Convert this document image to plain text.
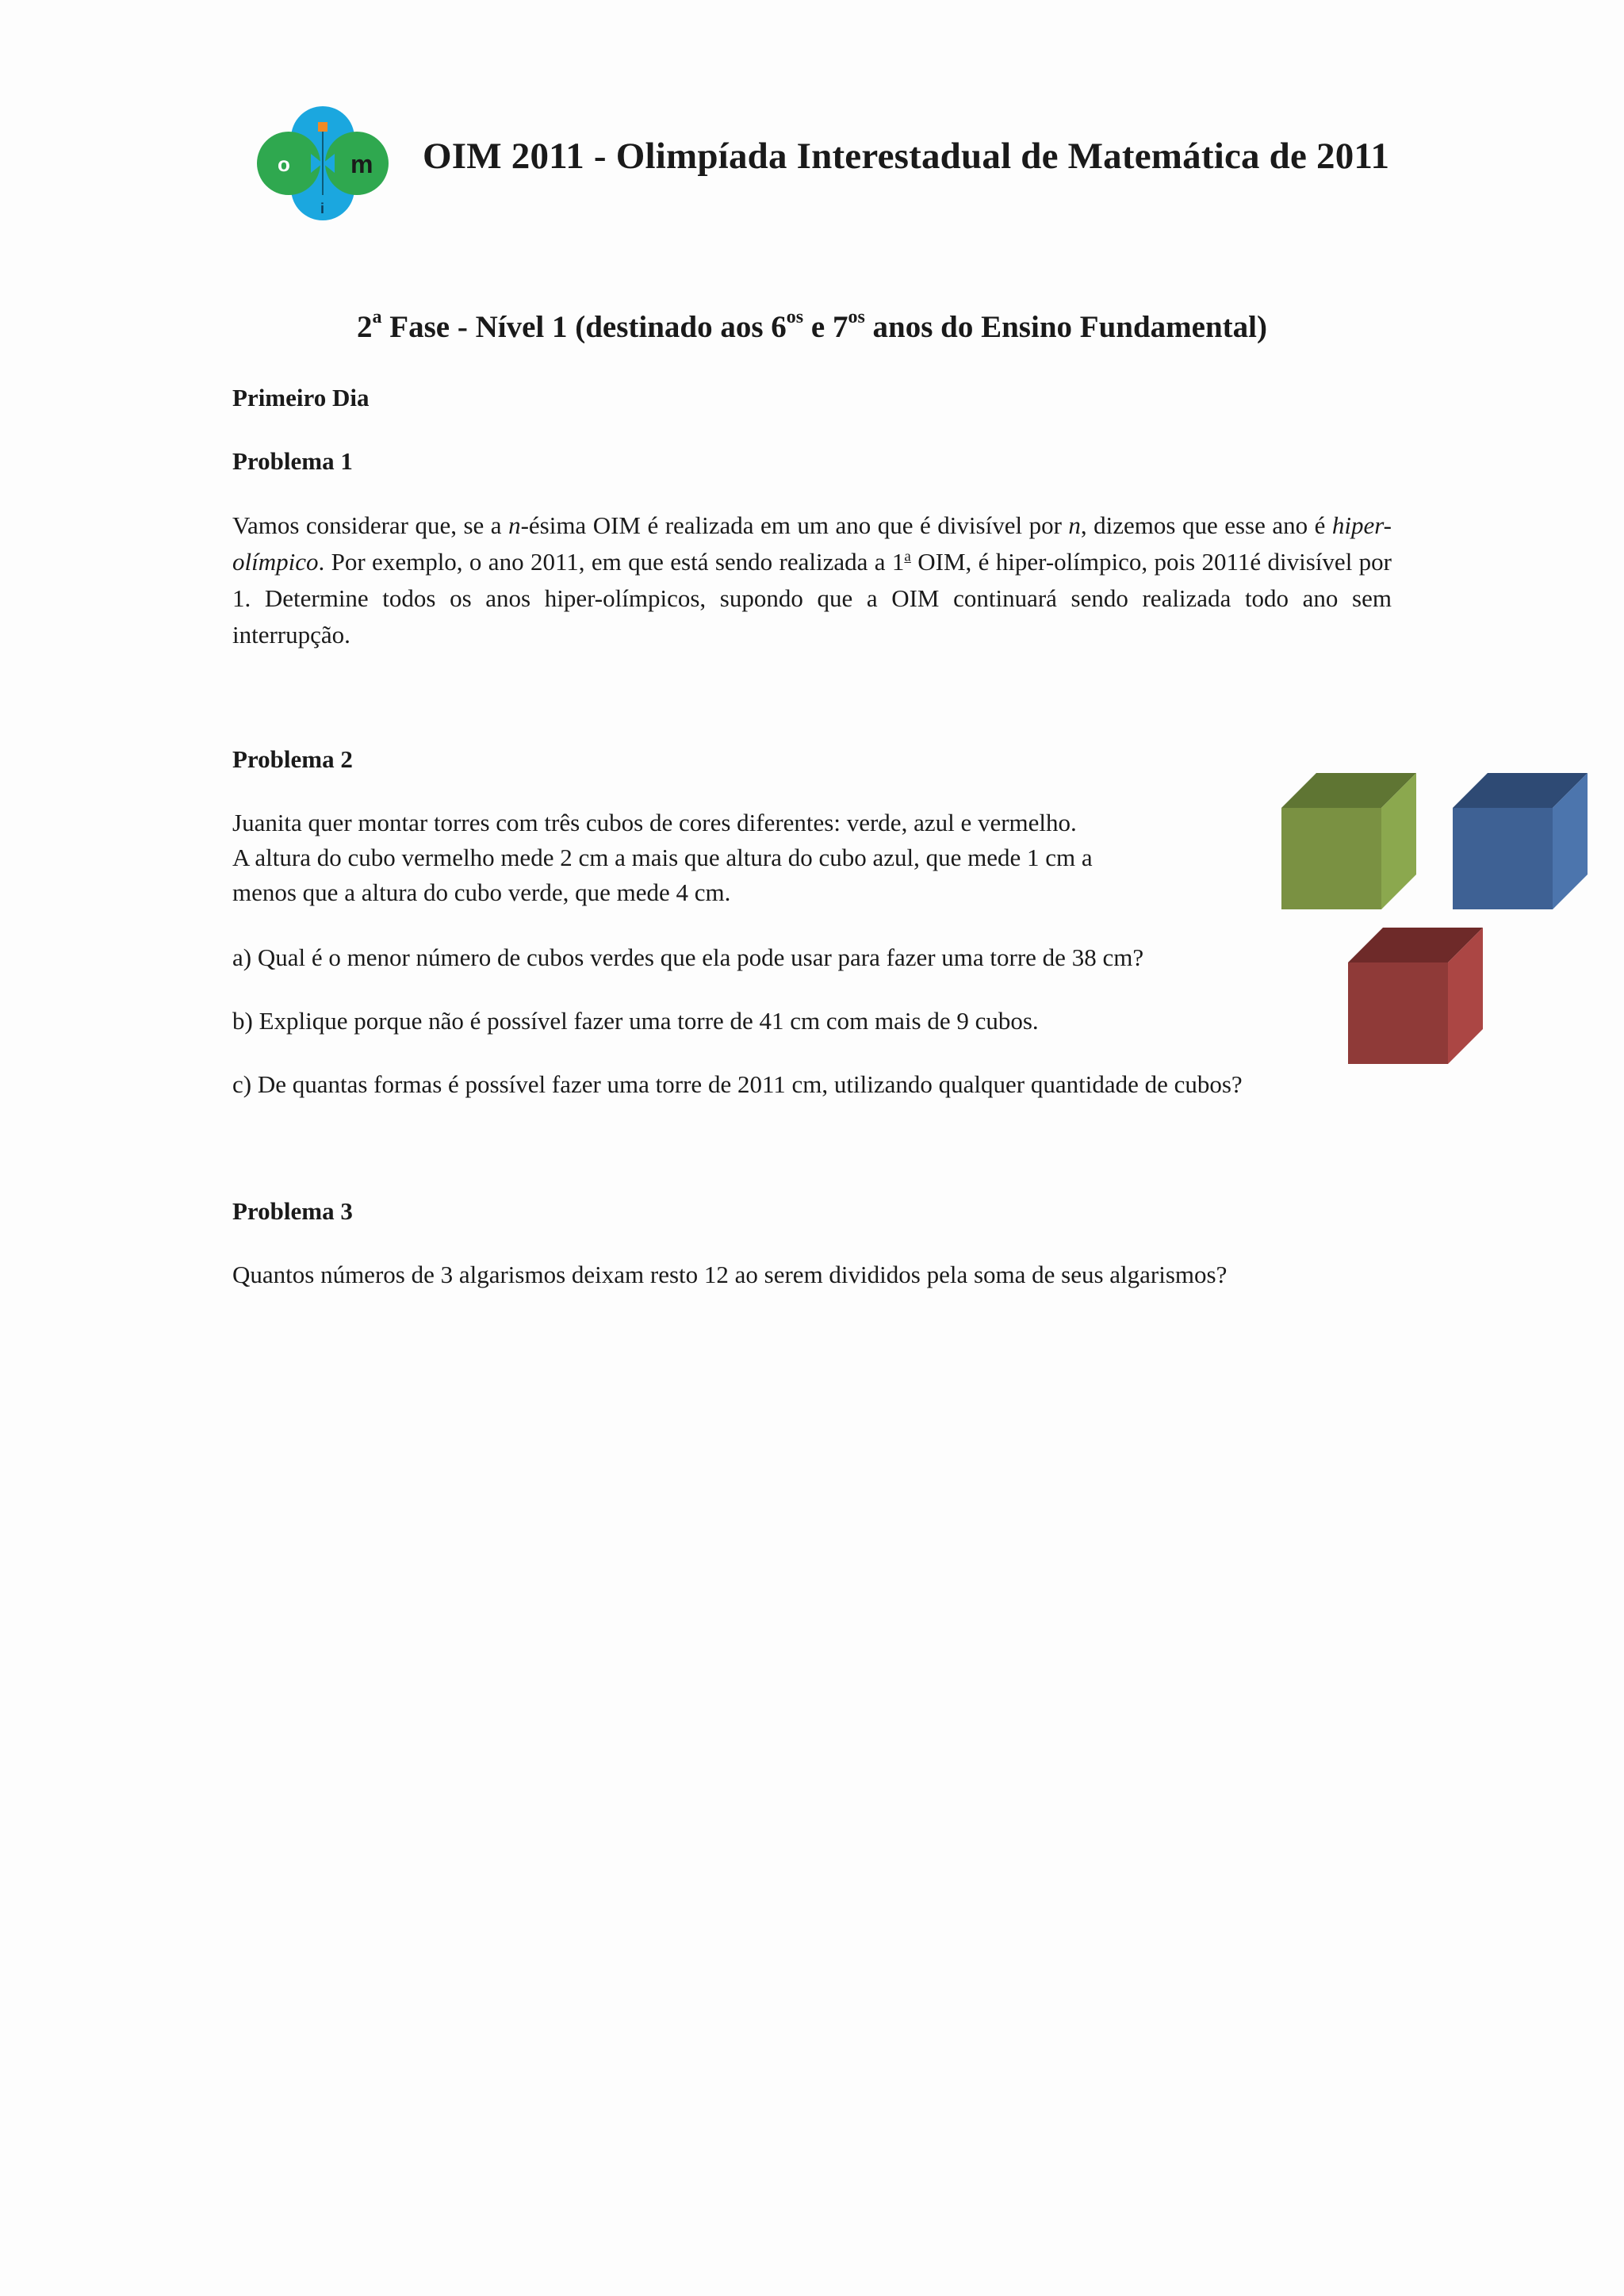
o
i
m OIM 2011 - Olimpíada Interestadual de Matemática de 2011
2$^a$ Fase - Nível 1 (destinado aos $6^{os}$ e $7^{os}$ anos do Ensino Fundamental)
Primeiro Dia
Problema 1
Vamos considerar que, se a n-ésima OIM é realizada em um ano que é divisível por n, dizemos que esse ano é hiper-olímpico. Por exemplo, o ano 2011, em que está sendo realizada a 1$^a$ OIM, é hiper-olímpico, pois 2011é divisível por 1. Determine todos os anos hiper-olímpicos, supondo que a OIM continuará sendo realizada todo ano sem interrupção.
Problema 2
Juanita quer montar torres com três cubos de cores diferentes: verde, azul e vermelho.
A altura do cubo vermelho mede 2 cm a mais que altura do cubo azul, que mede 1 cm a
menos que a altura do cubo verde, que mede 4 cm.
a) Qual é o menor número de cubos verdes que ela pode usar para fazer uma torre de 38 cm?
b) Explique porque não é possível fazer uma torre de 41 cm com mais de 9 cubos.
c) De quantas formas é possível fazer uma torre de 2011 cm, utilizando qualquer quantidade de cubos?
Problema 3
Quantos números de 3 algarismos deixam resto 12 ao serem divididos pela soma de seus algarismos?
